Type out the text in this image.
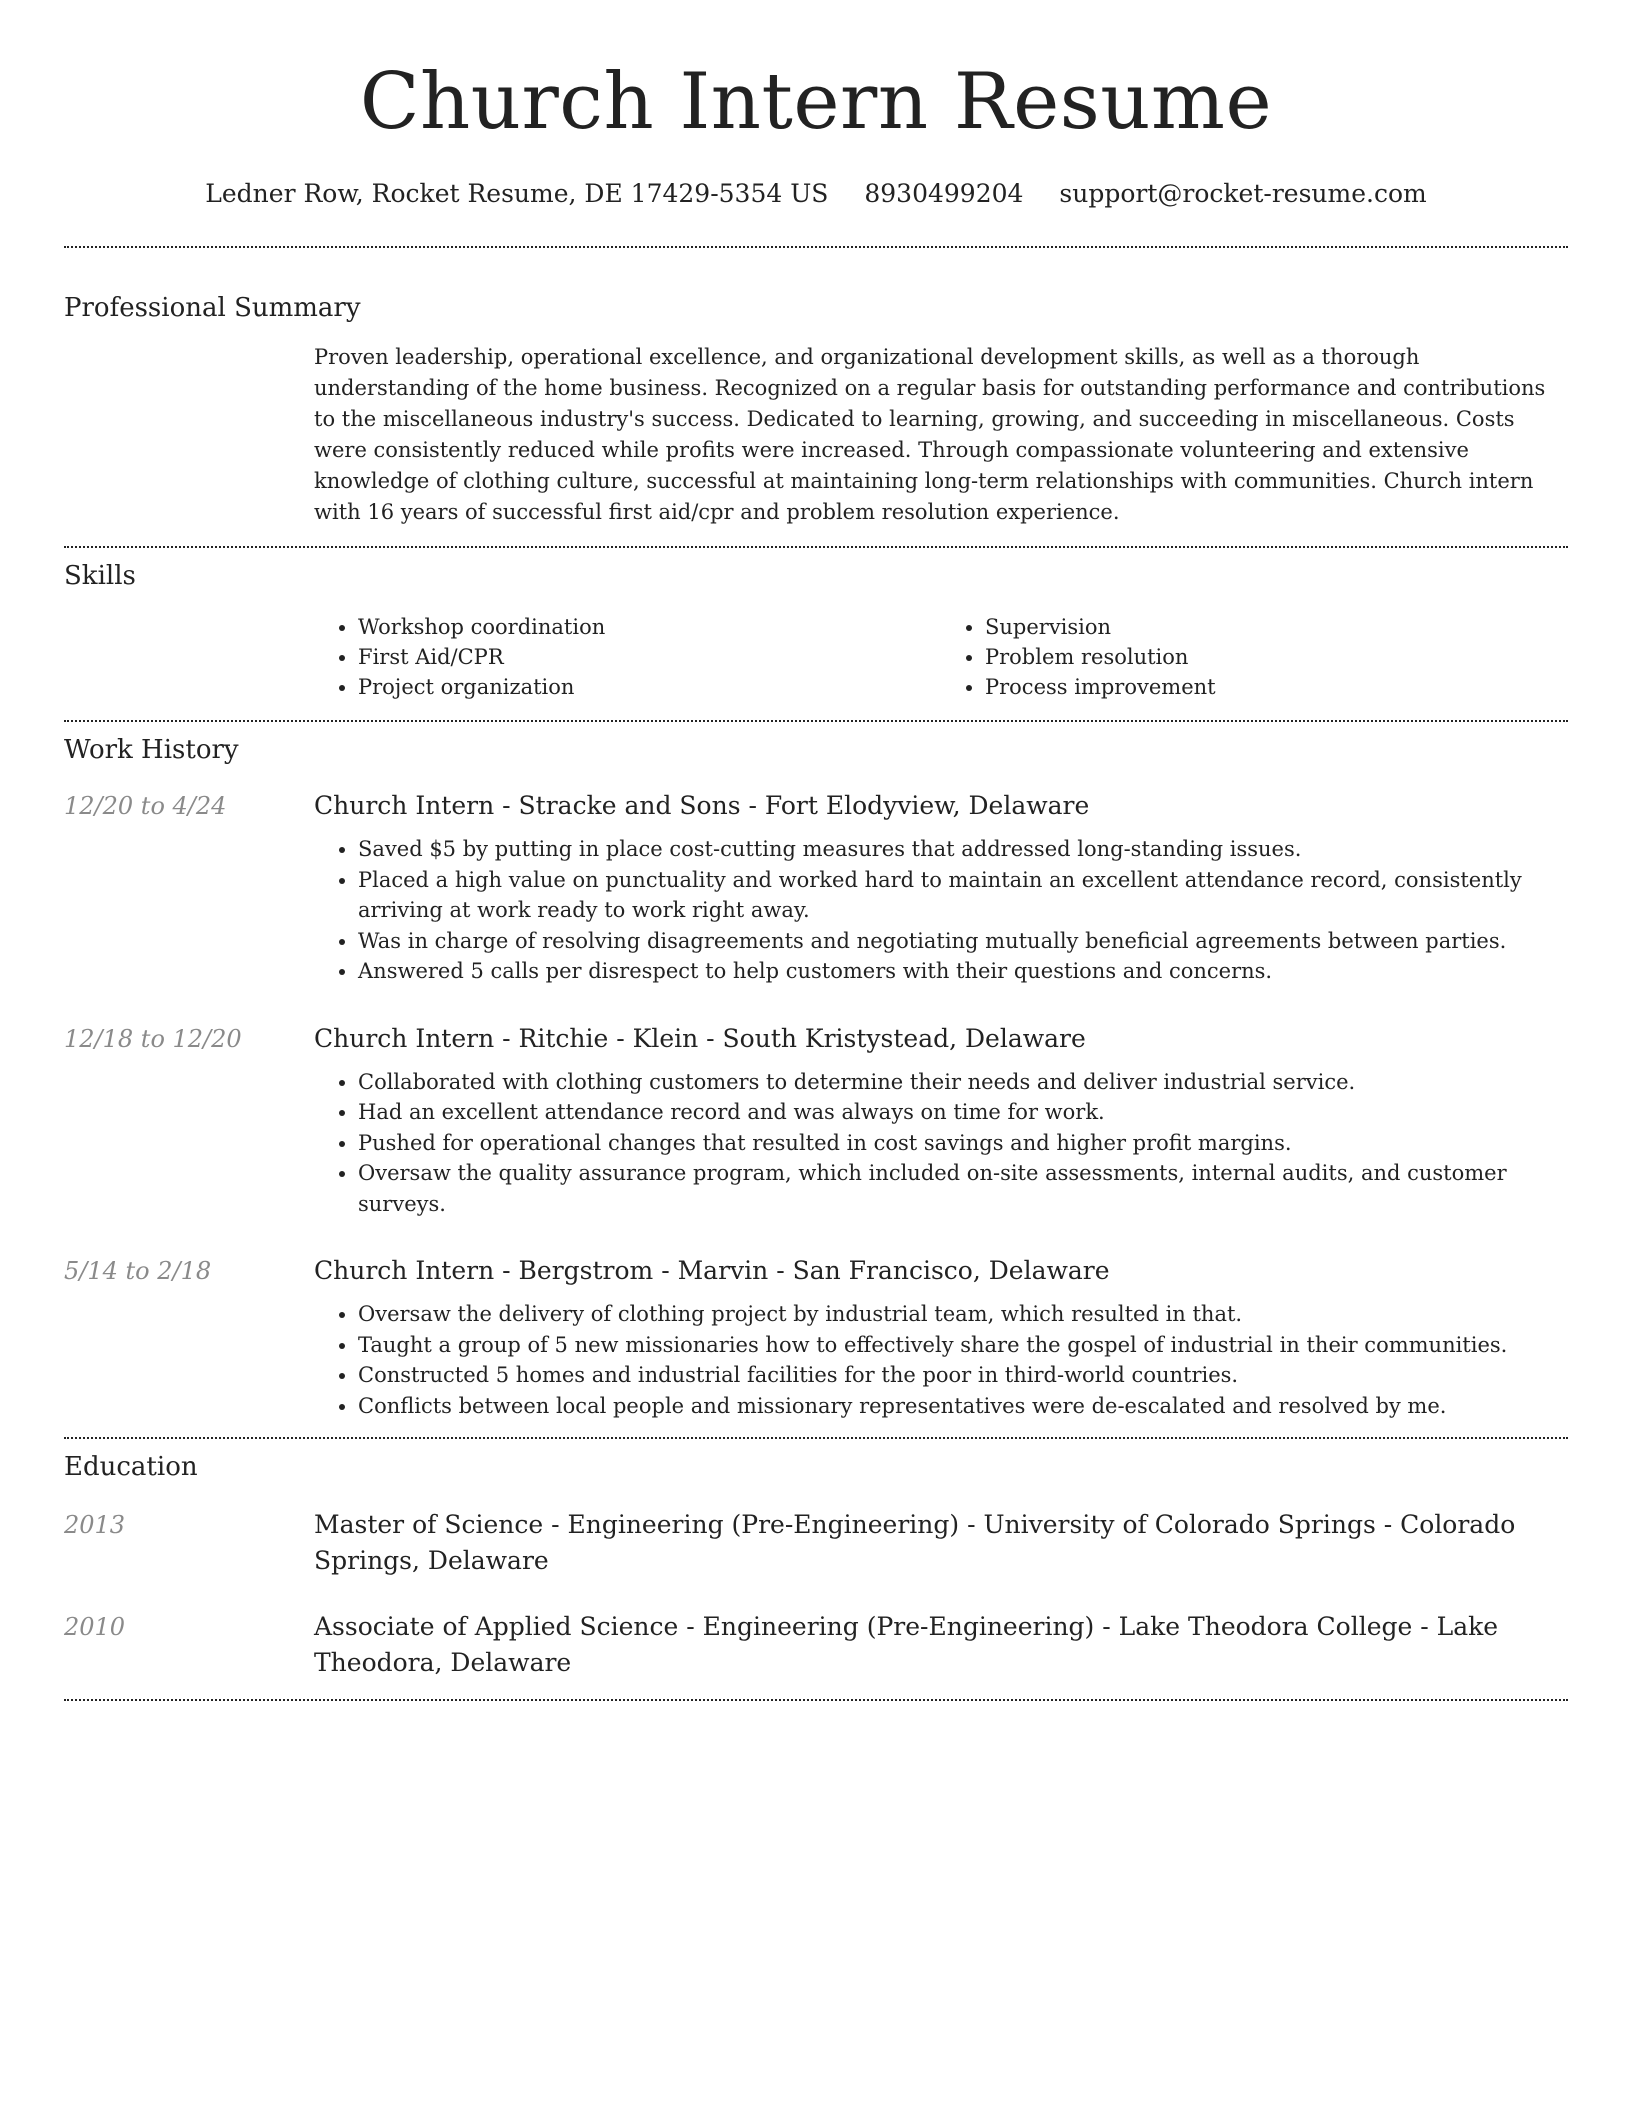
Church Intern Resume
Ledner Row, Rocket Resume, DE 17429-5354 US 8930499204 support@rocket-resume.com
Professional Summary

Proven leadership, operational excellence, and organizational development skills, as well as a thorough understanding of the home business. Recognized on a regular basis for outstanding performance and contributions to the miscellaneous industry's success. Dedicated to learning, growing, and succeeding in miscellaneous. Costs were consistently reduced while profits were increased. Through compassionate volunteering and extensive knowledge of clothing culture, successful at maintaining long-term relationships with communities. Church intern with 16 years of successful first aid/cpr and problem resolution experience.

Skills
• Workshop coordination
• First Aid/CPR
• Project organization
• Supervision
• Problem resolution
• Process improvement
Work History
12/20 to 4/24	Church Intern - Stracke and Sons - Fort Elodyview, Delaware
• Saved $5 by putting in place cost-cutting measures that addressed long-standing issues.
• Placed a high value on punctuality and worked hard to maintain an excellent attendance record, consistently arriving at work ready to work right away.
• Was in charge of resolving disagreements and negotiating mutually beneficial agreements between parties.
• Answered 5 calls per disrespect to help customers with their questions and concerns.
12/18 to 12/20	Church Intern - Ritchie - Klein - South Kristystead, Delaware
• Collaborated with clothing customers to determine their needs and deliver industrial service.
• Had an excellent attendance record and was always on time for work.
• Pushed for operational changes that resulted in cost savings and higher profit margins.
• Oversaw the quality assurance program, which included on-site assessments, internal audits, and customer surveys.
5/14 to 2/18	Church Intern - Bergstrom - Marvin - San Francisco, Delaware
• Oversaw the delivery of clothing project by industrial team, which resulted in that.
• Taught a group of 5 new missionaries how to effectively share the gospel of industrial in their communities.
• Constructed 5 homes and industrial facilities for the poor in third-world countries.
• Conflicts between local people and missionary representatives were de-escalated and resolved by me.
Education
2013	Master of Science - Engineering (Pre-Engineering) - University of Colorado Springs - Colorado Springs, Delaware
2010	Associate of Applied Science - Engineering (Pre-Engineering) - Lake Theodora College - Lake Theodora, Delaware
